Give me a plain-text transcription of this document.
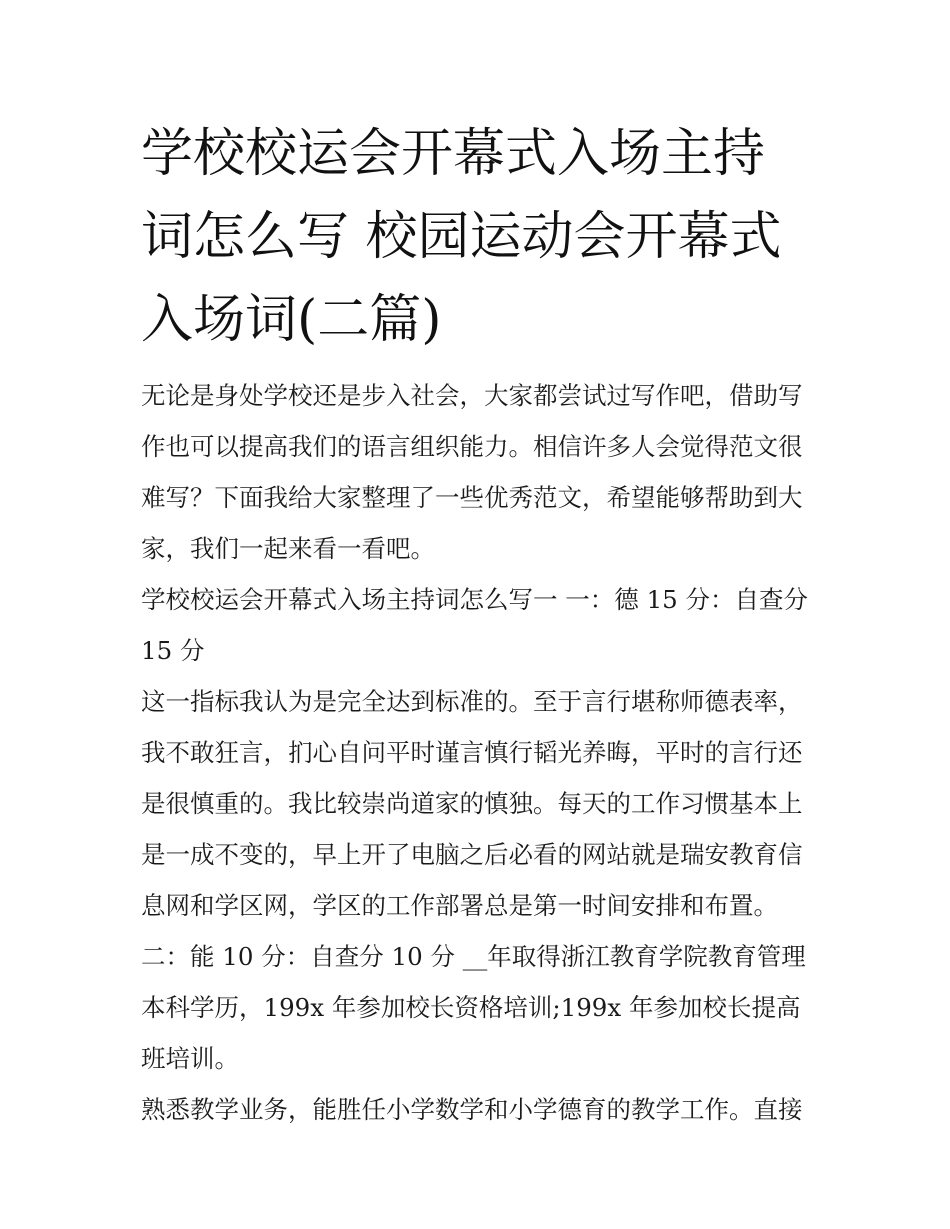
学校校运会开幕式入场主持词怎么写 校园运动会开幕式入场词(二篇)

无论是身处学校还是步入社会，大家都尝试过写作吧，借助写作也可以提高我们的语言组织能力。相信许多人会觉得范文很难写？下面我给大家整理了一些优秀范文，希望能够帮助到大家，我们一起来看一看吧。

学校校运会开幕式入场主持词怎么写一 一：德 15 分：自查分 15 分

这一指标我认为是完全达到标准的。至于言行堪称师德表率，我不敢狂言，扪心自问平时谨言慎行韬光养晦，平时的言行还是很慎重的。我比较崇尚道家的慎独。每天的工作习惯基本上是一成不变的，早上开了电脑之后必看的网站就是瑞安教育信息网和学区网，学区的工作部署总是第一时间安排和布置。

二：能 10 分：自查分 10 分 __年取得浙江教育学院教育管理本科学历，199x 年参加校长资格培训;199x 年参加校长提高班培训。

熟悉教学业务，能胜任小学数学和小学德育的教学工作。直接
